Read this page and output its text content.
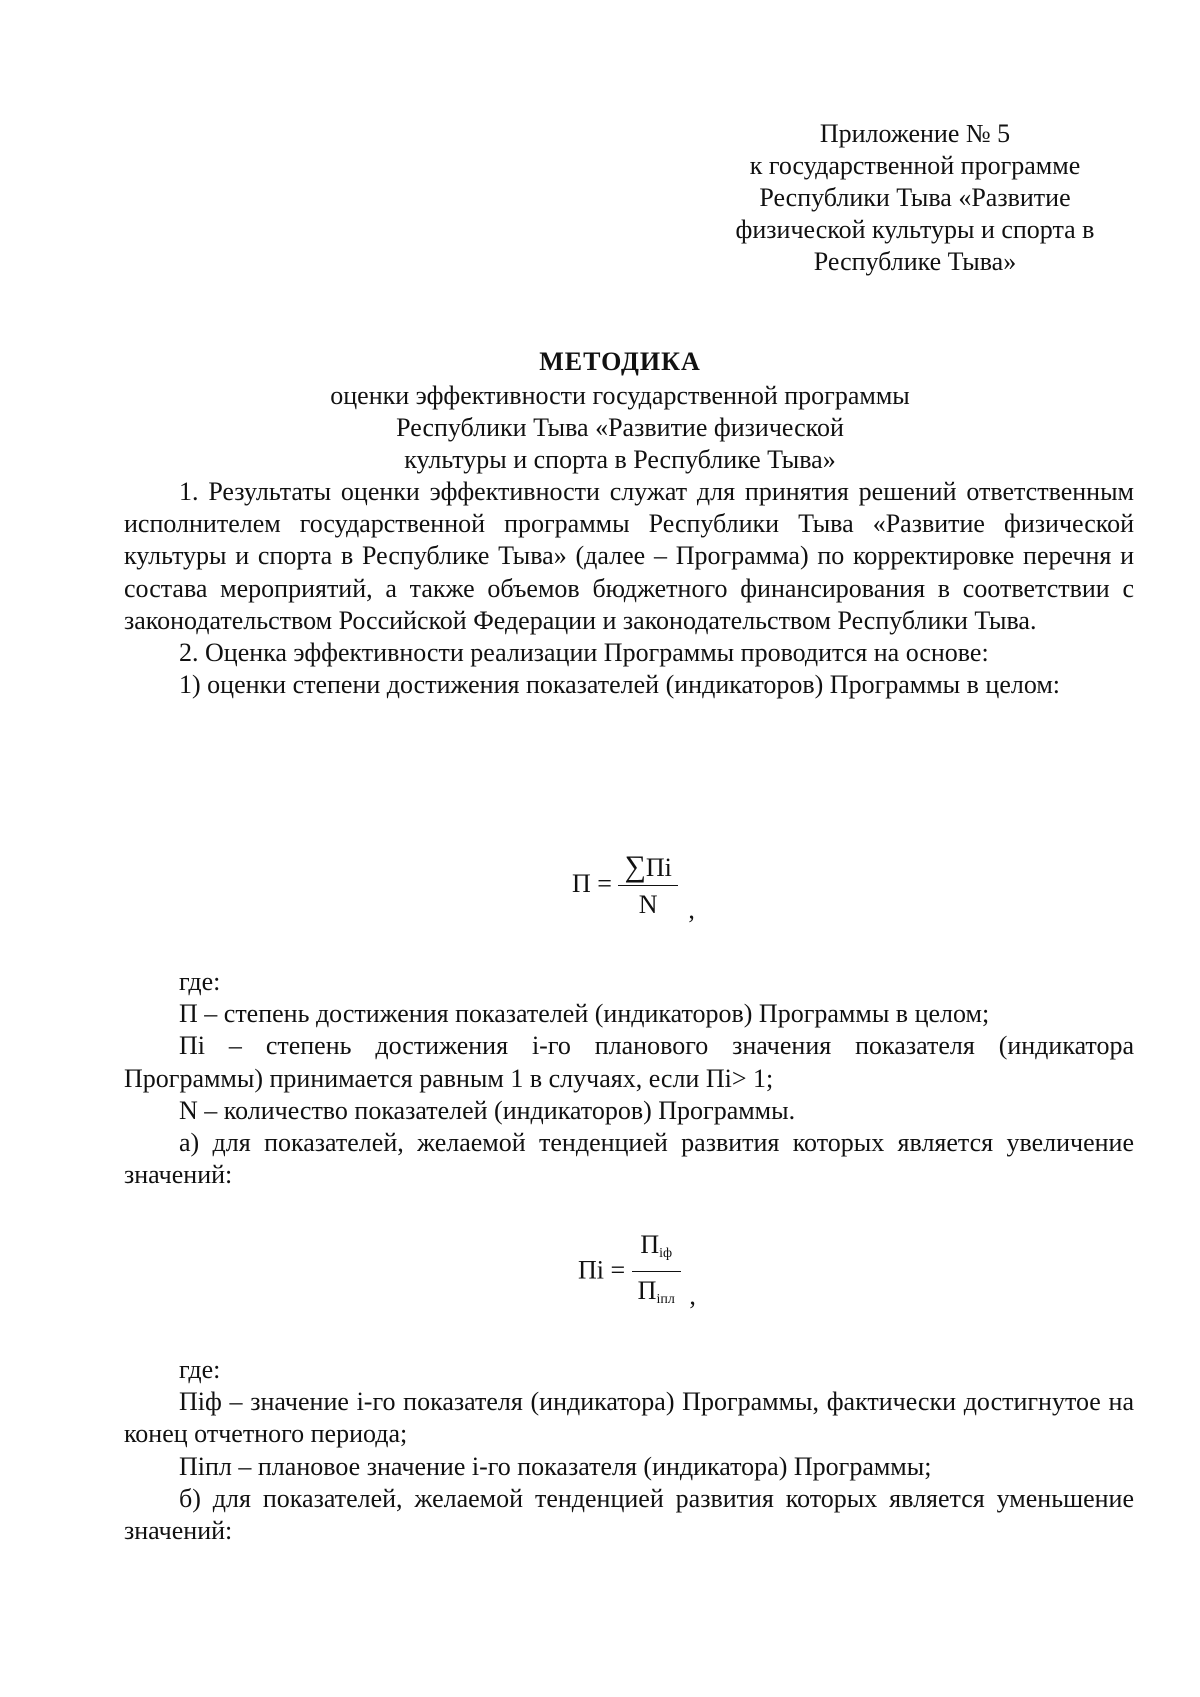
Приложение № 5
к государственной программе
Республики Тыва «Развитие
физической культуры и спорта в
Республике Тыва»
МЕТОДИКА
оценки эффективности государственной программы
Республики Тыва «Развитие физической
культуры и спорта в Республике Тыва»

1. Результаты оценки эффективности служат для принятия решений ответственным исполнителем государственной программы Республики Тыва «Развитие физической культуры и спорта в Республике Тыва» (далее – Программа) по корректировке перечня и состава мероприятий, а также объемов бюджетного финансирования в соответствии с законодательством Российской Федерации и законодательством Республики Тыва.

2. Оценка эффективности реализации Программы проводится на основе:

1) оценки степени достижения показателей (индикаторов) Программы в целом:

$П = \frac{\sum Пi}{N}$ ,

где:

П – степень достижения показателей (индикаторов) Программы в целом;

Пi – степень достижения i-го планового значения показателя (индикатора Программы) принимается равным 1 в случаях, если Пi> 1;

N – количество показателей (индикаторов) Программы.

а) для показателей, желаемой тенденцией развития которых является увеличение значений:

Пi = $\frac{П_{iф}}{П_{iпл}}$ ,

где:

Пiф – значение i-го показателя (индикатора) Программы, фактически достигнутое на конец отчетного периода;

Пiпл – плановое значение i-го показателя (индикатора) Программы;

б) для показателей, желаемой тенденцией развития которых является уменьшение значений:
